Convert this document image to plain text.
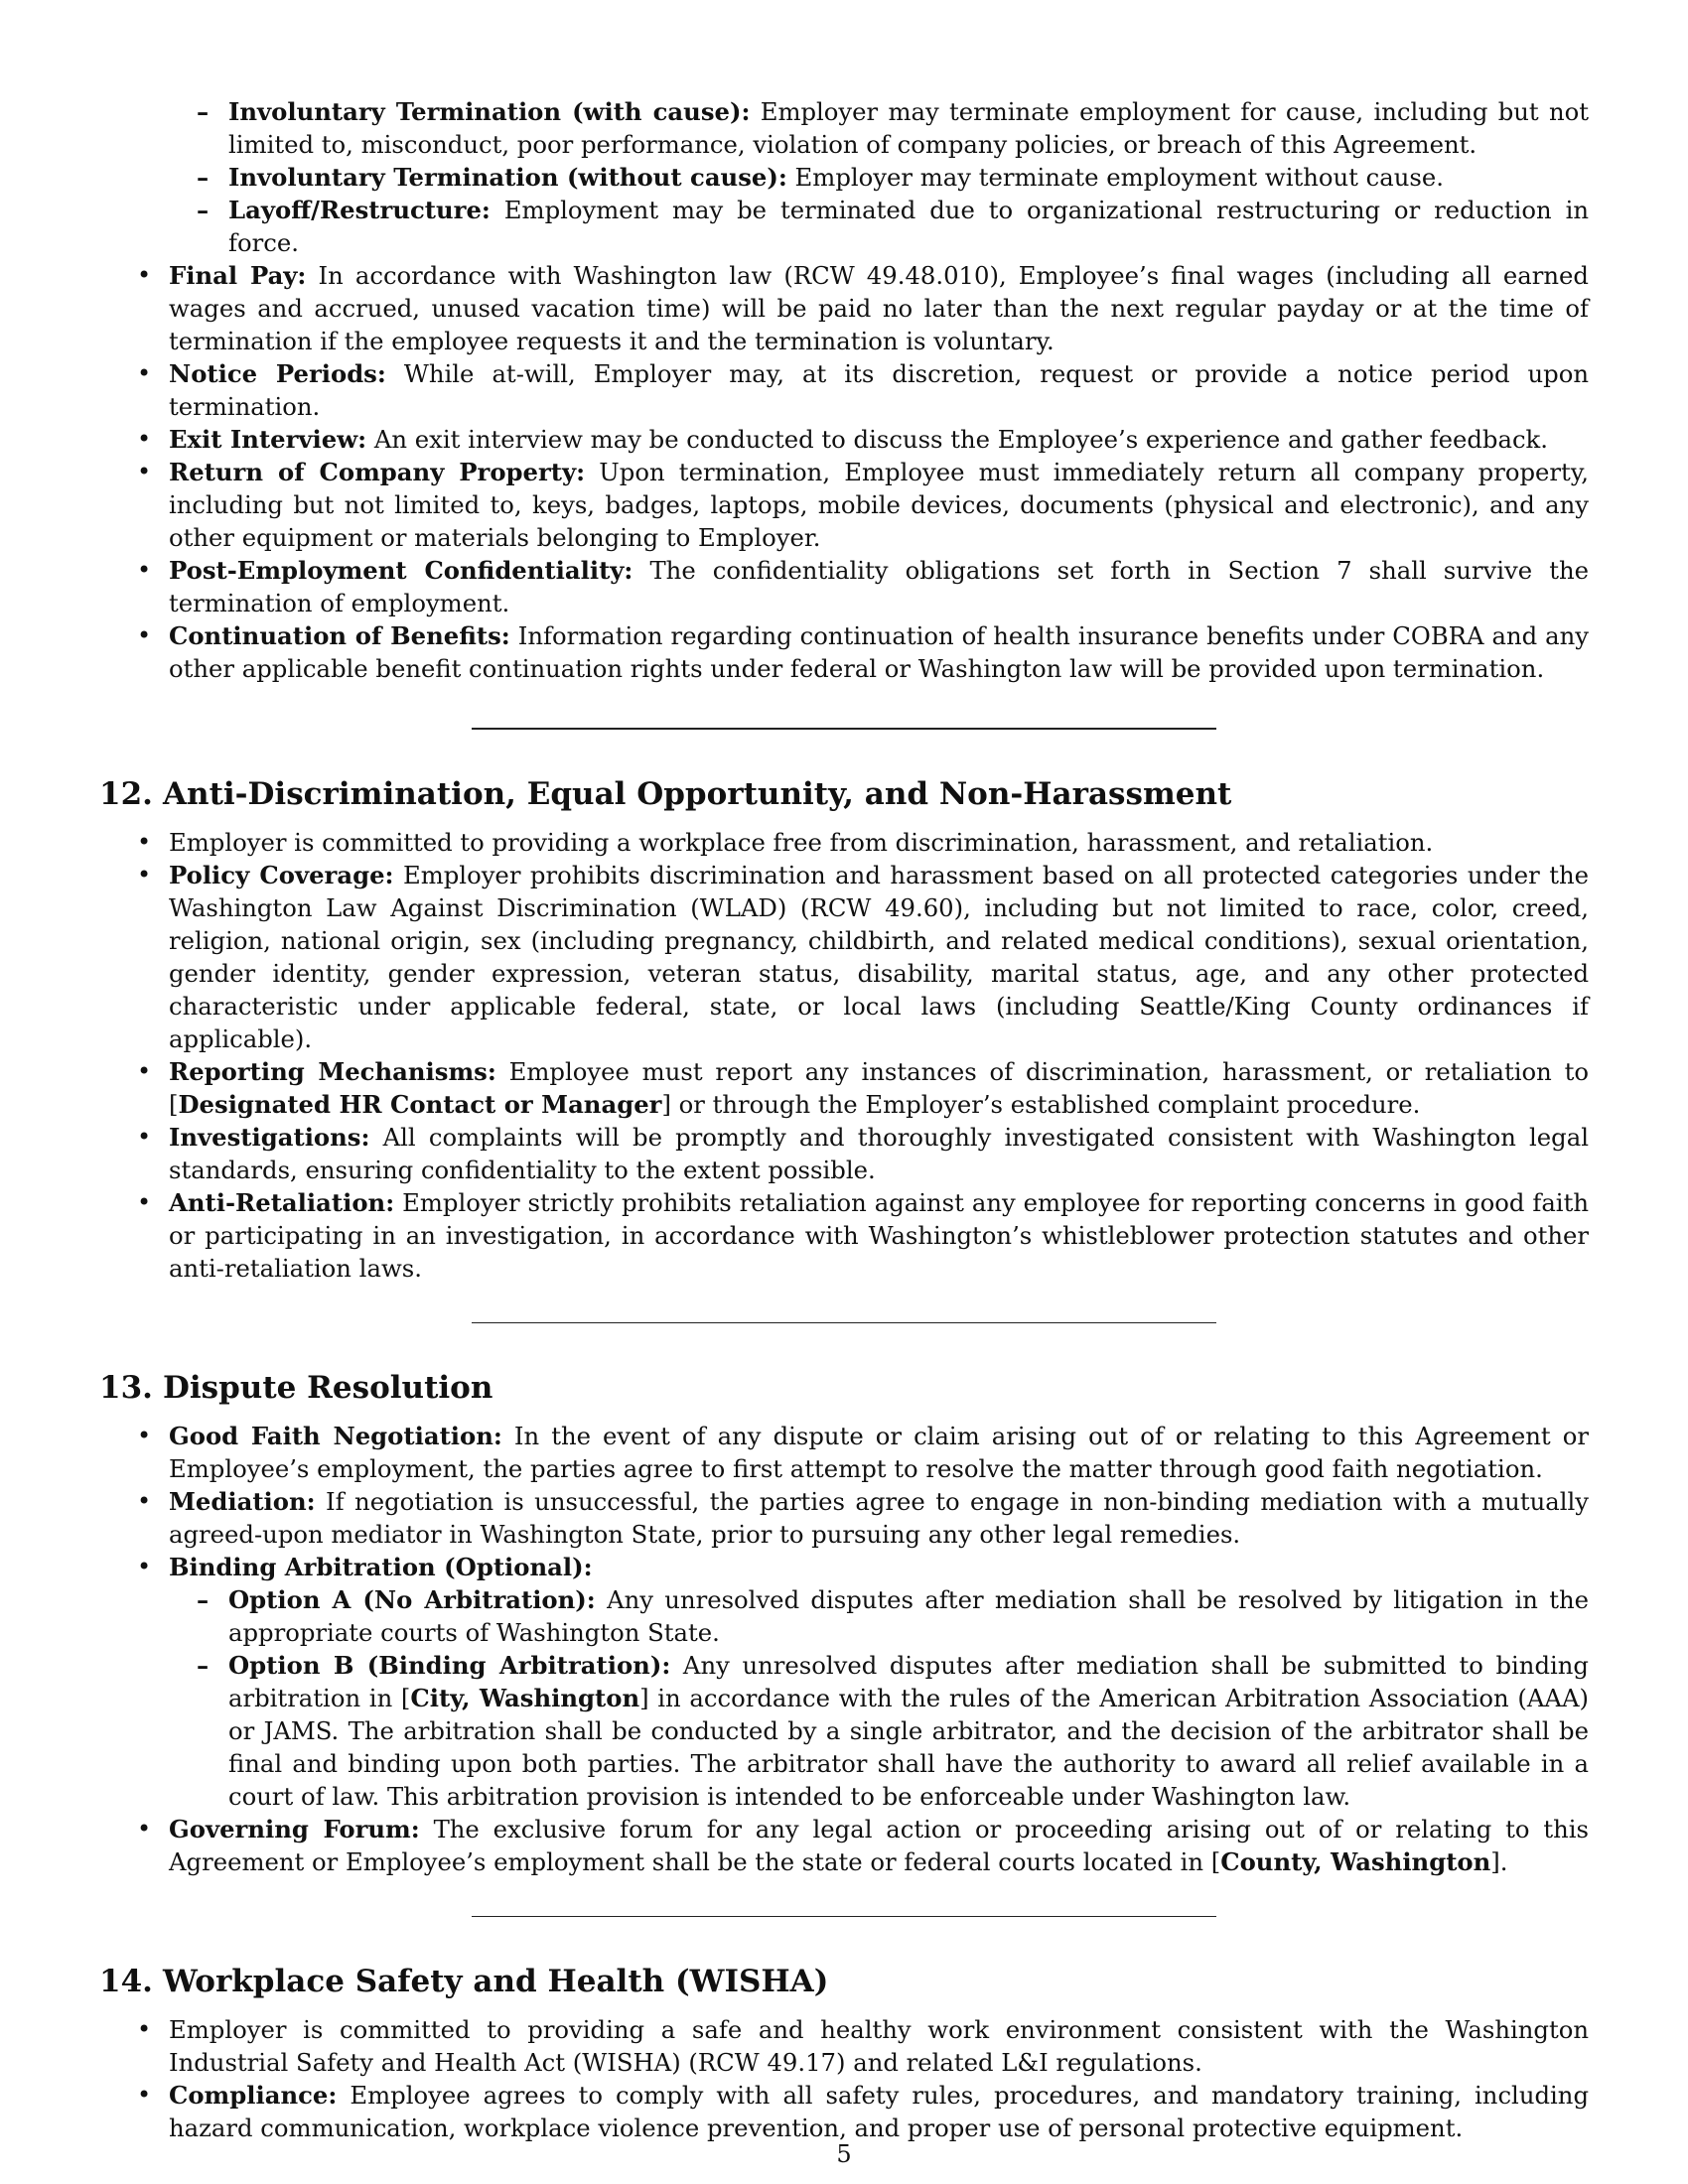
– Involuntary Termination (with cause): Employer may terminate employment for cause, including but not limited to, misconduct, poor performance, violation of company policies, or breach of this Agreement.
– Involuntary Termination (without cause): Employer may terminate employment without cause.
– Layoff/Restructure: Employment may be terminated due to organizational restructuring or reduction in force.
• Final Pay: In accordance with Washington law (RCW 49.48.010), Employee’s final wages (including all earned wages and accrued, unused vacation time) will be paid no later than the next regular payday or at the time of termination if the employee requests it and the termination is voluntary.
• Notice Periods: While at-will, Employer may, at its discretion, request or provide a notice period upon termination.
• Exit Interview: An exit interview may be conducted to discuss the Employee’s experience and gather feedback.
• Return of Company Property: Upon termination, Employee must immediately return all company property, including but not limited to, keys, badges, laptops, mobile devices, documents (physical and electronic), and any other equipment or materials belonging to Employer.
• Post-Employment Confidentiality: The confidentiality obligations set forth in Section 7 shall survive the termination of employment.
• Continuation of Benefits: Information regarding continuation of health insurance benefits under COBRA and any other applicable benefit continuation rights under federal or Washington law will be provided upon termination.
12. Anti-Discrimination, Equal Opportunity, and Non-Harassment
• Employer is committed to providing a workplace free from discrimination, harassment, and retaliation.
• Policy Coverage: Employer prohibits discrimination and harassment based on all protected categories under the Washington Law Against Discrimination (WLAD) (RCW 49.60), including but not limited to race, color, creed, religion, national origin, sex (including pregnancy, childbirth, and related medical conditions), sexual orientation, gender identity, gender expression, veteran status, disability, marital status, age, and any other protected characteristic under applicable federal, state, or local laws (including Seattle/King County ordinances if applicable).
• Reporting Mechanisms: Employee must report any instances of discrimination, harassment, or retaliation to [Designated HR Contact or Manager] or through the Employer’s established complaint procedure.
• Investigations: All complaints will be promptly and thoroughly investigated consistent with Washington legal standards, ensuring confidentiality to the extent possible.
• Anti-Retaliation: Employer strictly prohibits retaliation against any employee for reporting concerns in good faith or participating in an investigation, in accordance with Washington’s whistleblower protection statutes and other anti-retaliation laws.
13. Dispute Resolution
• Good Faith Negotiation: In the event of any dispute or claim arising out of or relating to this Agreement or Employee’s employment, the parties agree to first attempt to resolve the matter through good faith negotiation.
• Mediation: If negotiation is unsuccessful, the parties agree to engage in non-binding mediation with a mutually agreed-upon mediator in Washington State, prior to pursuing any other legal remedies.
• Binding Arbitration (Optional):
– Option A (No Arbitration): Any unresolved disputes after mediation shall be resolved by litigation in the appropriate courts of Washington State.
– Option B (Binding Arbitration): Any unresolved disputes after mediation shall be submitted to binding arbitration in [City, Washington] in accordance with the rules of the American Arbitration Association (AAA) or JAMS. The arbitration shall be conducted by a single arbitrator, and the decision of the arbitrator shall be final and binding upon both parties. The arbitrator shall have the authority to award all relief available in a court of law. This arbitration provision is intended to be enforceable under Washington law.
• Governing Forum: The exclusive forum for any legal action or proceeding arising out of or relating to this Agreement or Employee’s employment shall be the state or federal courts located in [County, Washington].
14. Workplace Safety and Health (WISHA)
• Employer is committed to providing a safe and healthy work environment consistent with the Washington Industrial Safety and Health Act (WISHA) (RCW 49.17) and related L&I regulations.
• Compliance: Employee agrees to comply with all safety rules, procedures, and mandatory training, including hazard communication, workplace violence prevention, and proper use of personal protective equipment.
5
